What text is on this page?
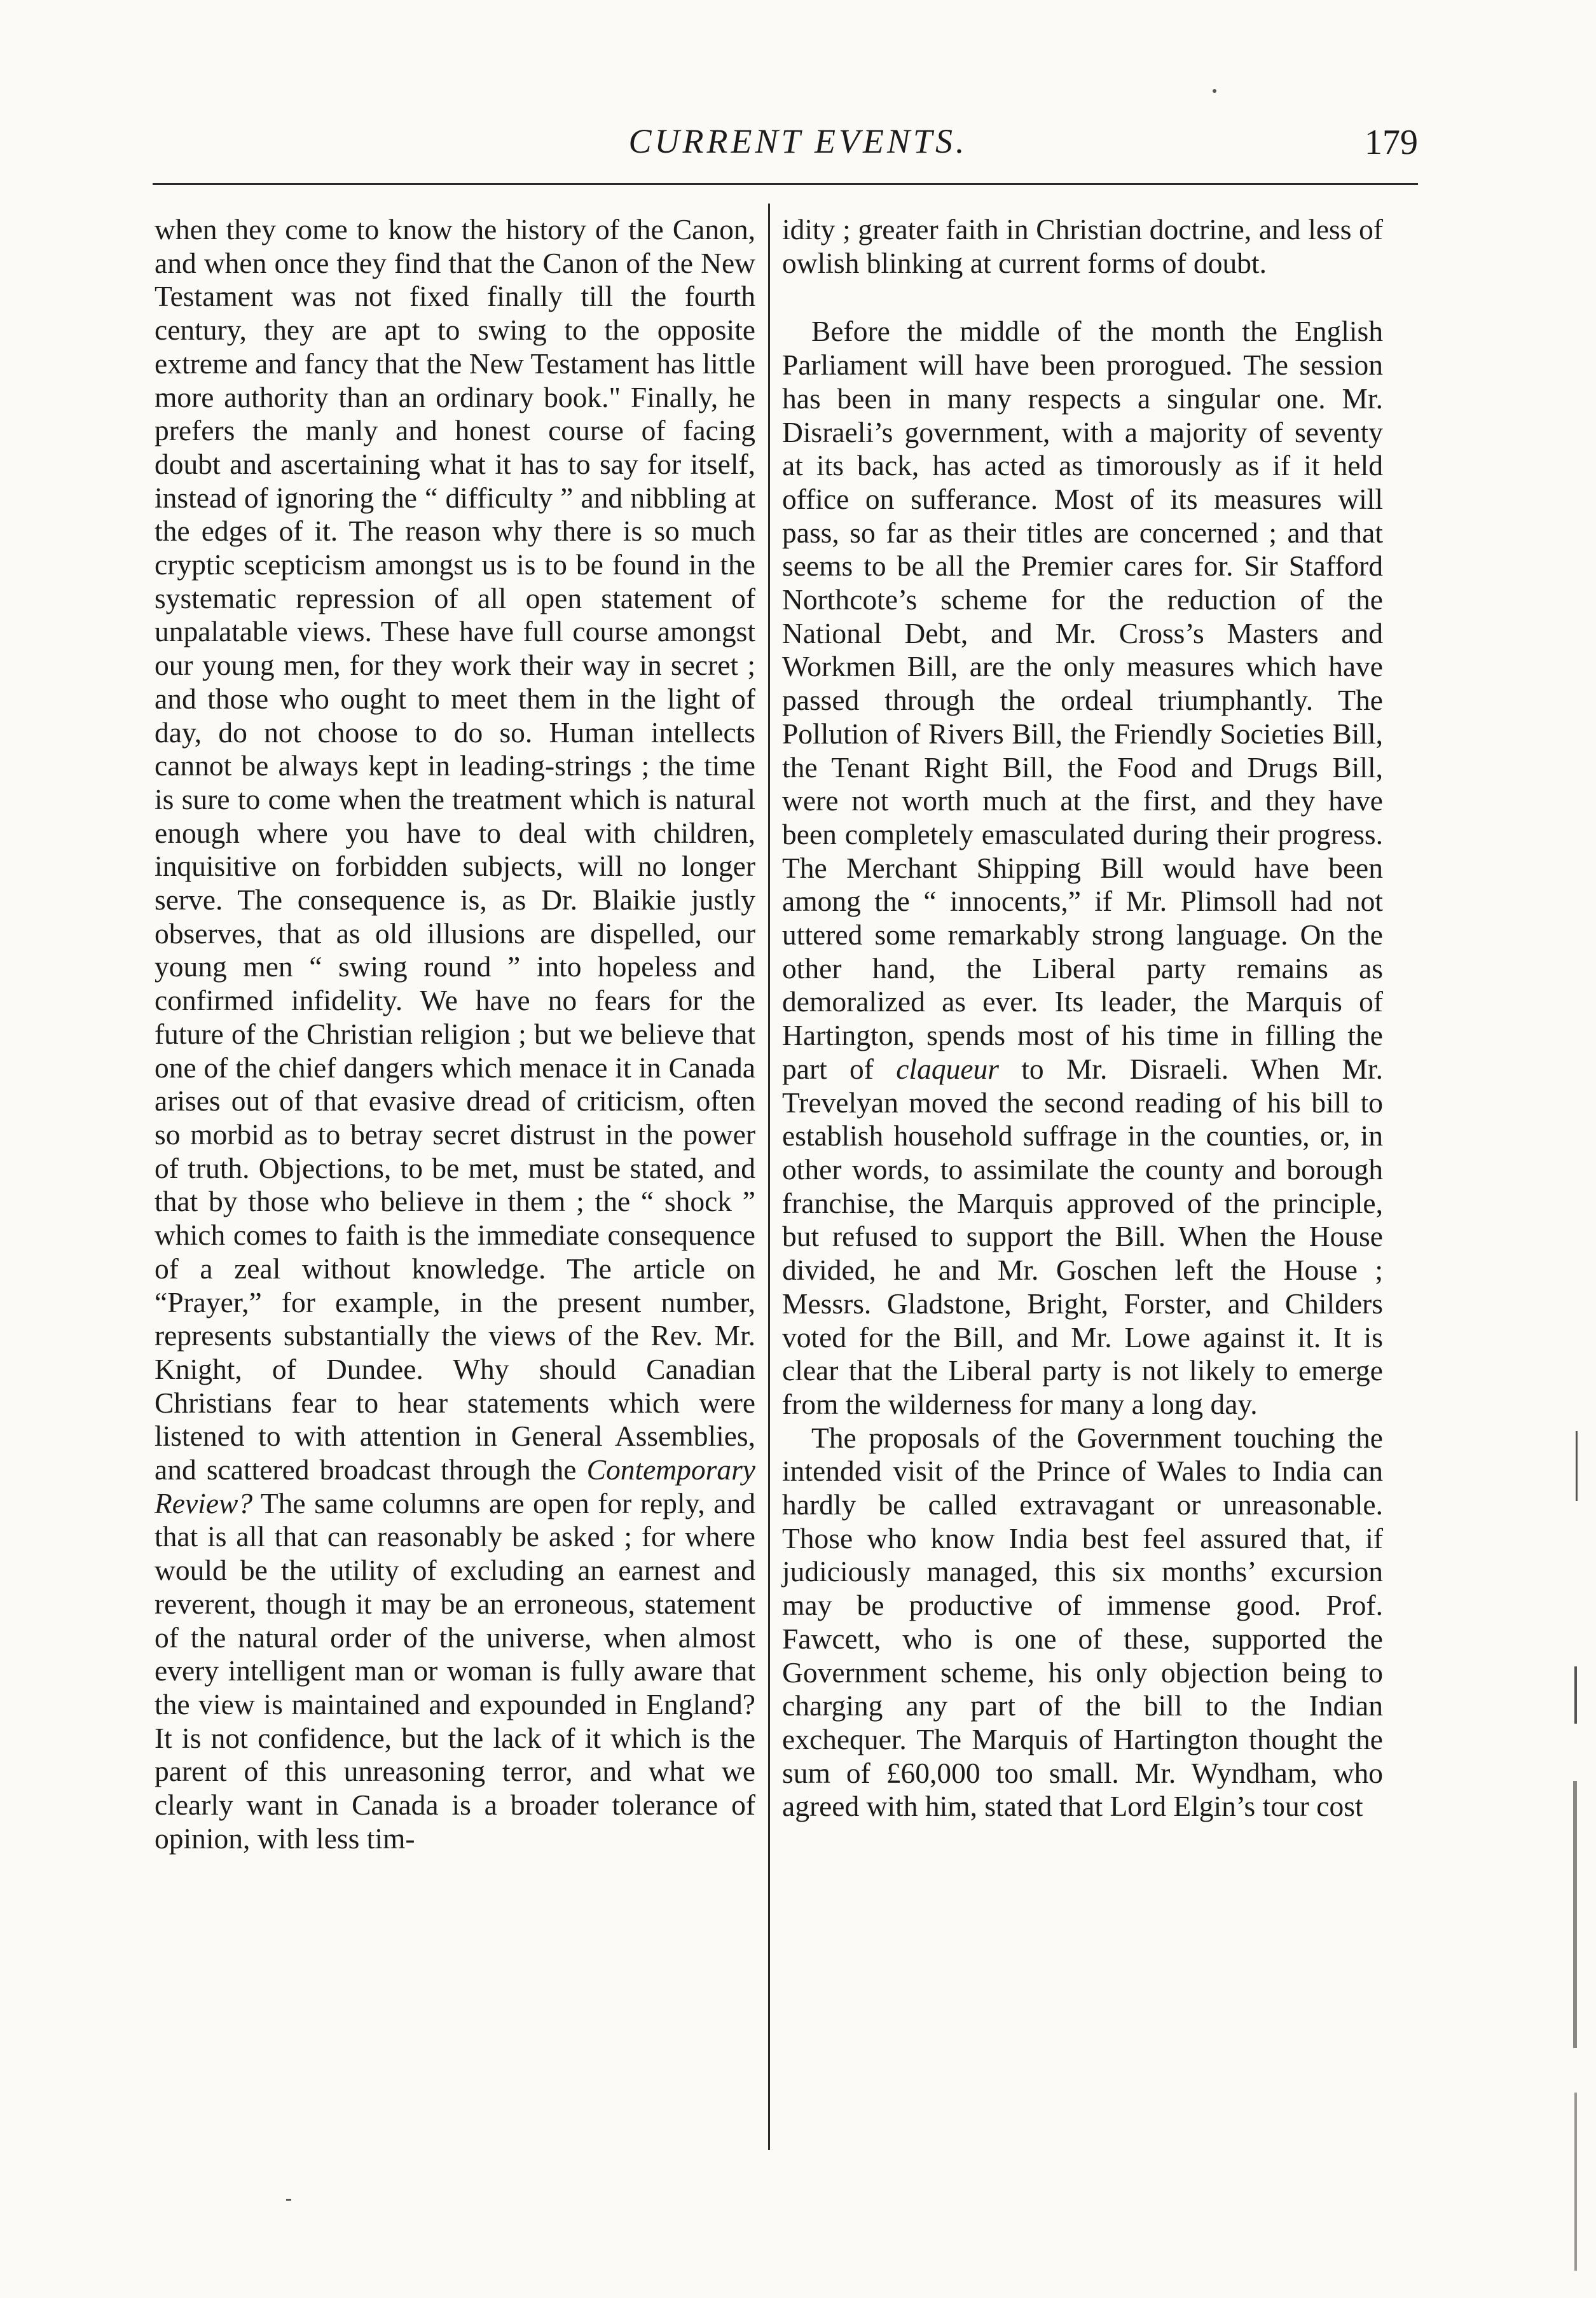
CURRENT EVENTS.	179

when they come to know the history of the Canon, and when once they find that the Canon of the New Testament was not fixed finally till the fourth century, they are apt to swing to the opposite extreme and fancy that the New Testament has little more authority than an ordinary book." Finally, he prefers the manly and honest course of facing doubt and ascertaining what it has to say for itself, instead of ignoring the “ difficulty ” and nibbling at the edges of it. The reason why there is so much cryptic scepticism amongst us is to be found in the systematic repression of all open statement of unpalatable views. These have full course amongst our young men, for they work their way in secret ; and those who ought to meet them in the light of day, do not choose to do so. Human intellects cannot be always kept in leading-strings ; the time is sure to come when the treatment which is natural enough where you have to deal with children, inquisitive on forbidden subjects, will no longer serve. The consequence is, as Dr. Blaikie justly observes, that as old illusions are dispelled, our young men “ swing round ” into hopeless and confirmed infidelity. We have no fears for the future of the Christian religion ; but we believe that one of the chief dangers which menace it in Canada arises out of that evasive dread of criticism, often so morbid as to betray secret distrust in the power of truth. Objections, to be met, must be stated, and that by those who believe in them ; the “ shock ” which comes to faith is the immediate consequence of a zeal without knowledge. The article on “Prayer,” for example, in the present number, represents substantially the views of the Rev. Mr. Knight, of Dundee. Why should Canadian Christians fear to hear statements which were listened to with attention in General Assemblies, and scattered broadcast through the Contemporary Review? The same columns are open for reply, and that is all that can reasonably be asked ; for where would be the utility of excluding an earnest and reverent, though it may be an erroneous, statement of the natural order of the universe, when almost every intelligent man or woman is fully aware that the view is maintained and expounded in England? It is not confidence, but the lack of it which is the parent of this unreasoning terror, and what we clearly want in Canada is a broader tolerance of opinion, with less tim-

idity ; greater faith in Christian doctrine, and less of owlish blinking at current forms of doubt.

Before the middle of the month the English Parliament will have been prorogued. The session has been in many respects a singular one. Mr. Disraeli’s government, with a majority of seventy at its back, has acted as timorously as if it held office on sufferance. Most of its measures will pass, so far as their titles are concerned ; and that seems to be all the Premier cares for. Sir Stafford Northcote’s scheme for the reduction of the National Debt, and Mr. Cross’s Masters and Workmen Bill, are the only measures which have passed through the ordeal triumphantly. The Pollution of Rivers Bill, the Friendly Societies Bill, the Tenant Right Bill, the Food and Drugs Bill, were not worth much at the first, and they have been completely emasculated during their progress. The Merchant Shipping Bill would have been among the “ innocents,” if Mr. Plimsoll had not uttered some remarkably strong language. On the other hand, the Liberal party remains as demoralized as ever. Its leader, the Marquis of Hartington, spends most of his time in filling the part of claqueur to Mr. Disraeli. When Mr. Trevelyan moved the second reading of his bill to establish household suffrage in the counties, or, in other words, to assimilate the county and borough franchise, the Marquis approved of the principle, but refused to support the Bill. When the House divided, he and Mr. Goschen left the House ; Messrs. Gladstone, Bright, Forster, and Childers voted for the Bill, and Mr. Lowe against it. It is clear that the Liberal party is not likely to emerge from the wilderness for many a long day.

The proposals of the Government touching the intended visit of the Prince of Wales to India can hardly be called extravagant or unreasonable. Those who know India best feel assured that, if judiciously managed, this six months’ excursion may be productive of immense good. Prof. Fawcett, who is one of these, supported the Government scheme, his only objection being to charging any part of the bill to the Indian exchequer. The Marquis of Hartington thought the sum of £60,000 too small. Mr. Wyndham, who agreed with him, stated that Lord Elgin’s tour cost
